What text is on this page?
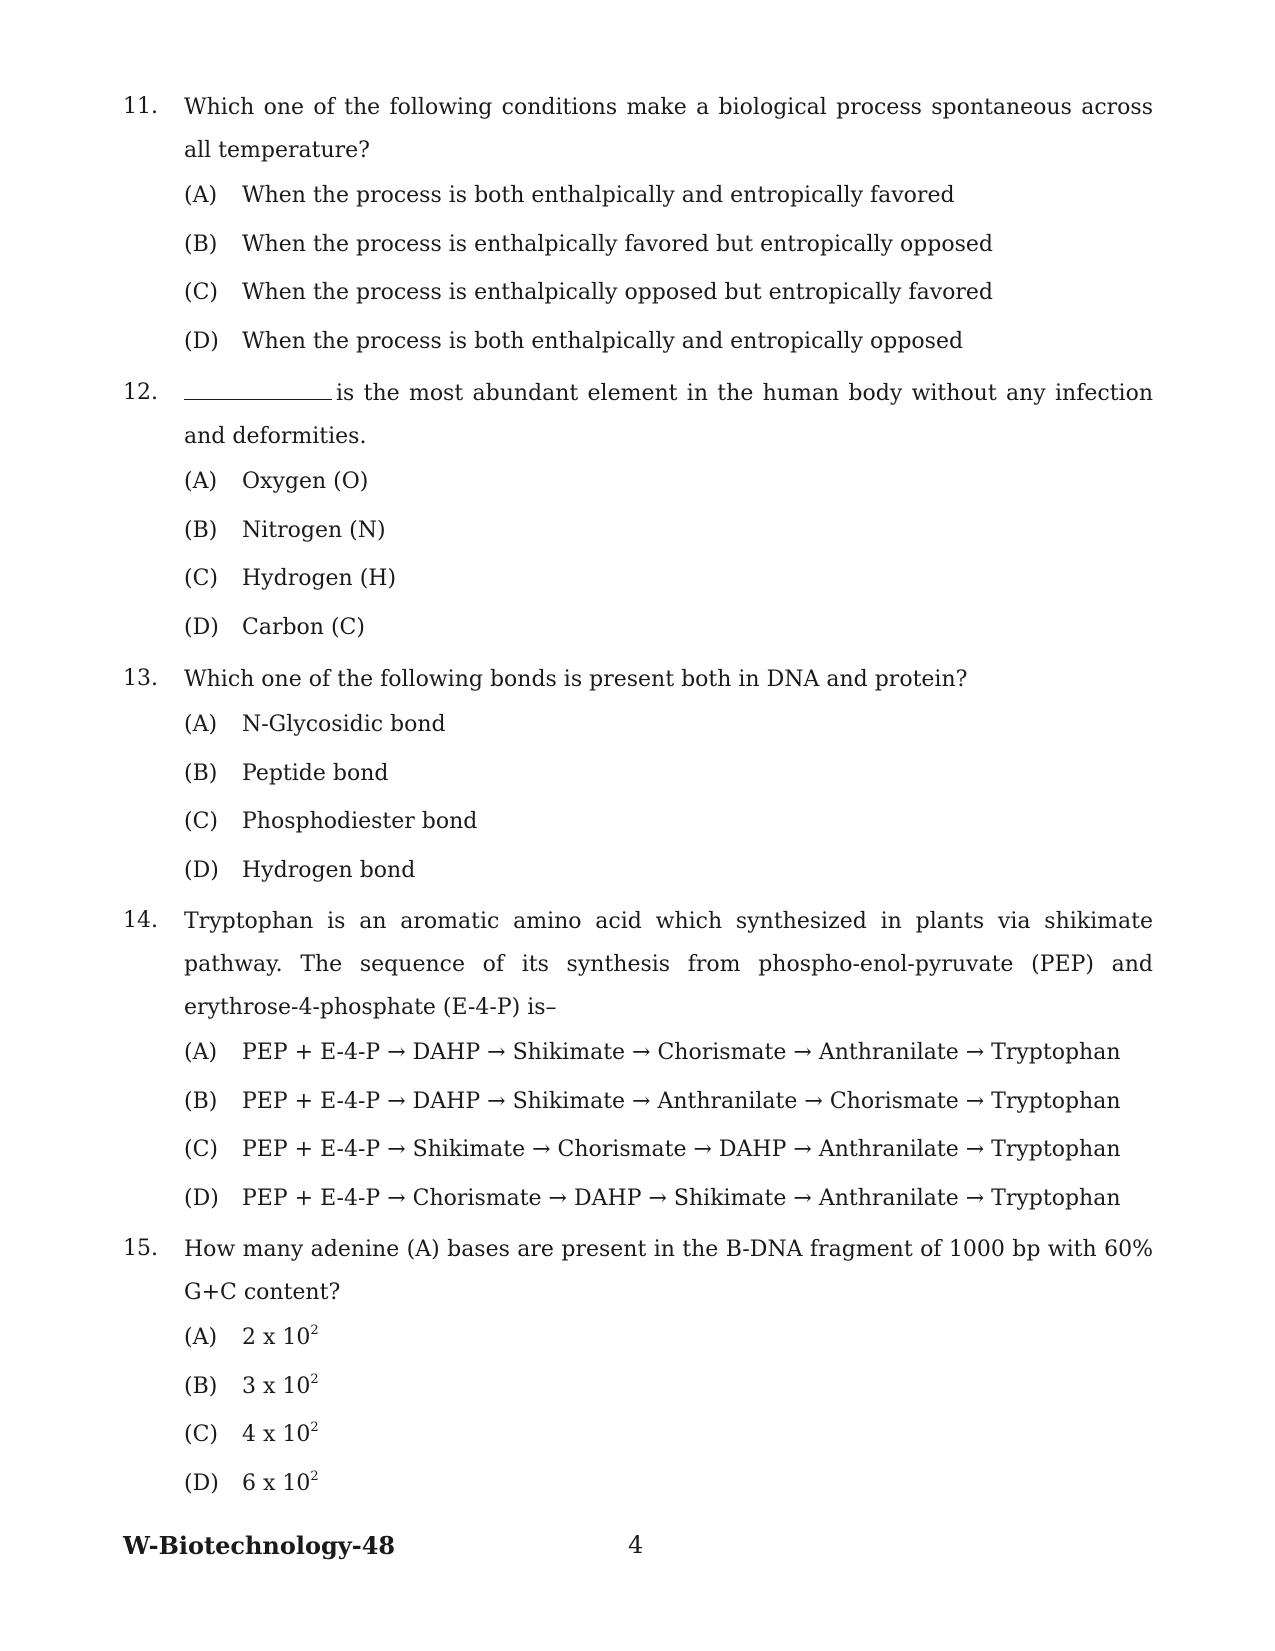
11. Which one of the following conditions make a biological process spontaneous across all temperature?
(A) When the process is both enthalpically and entropically favored
(B) When the process is enthalpically favored but entropically opposed
(C) When the process is enthalpically opposed but entropically favored
(D) When the process is both enthalpically and entropically opposed
12.	is the most abundant element in the human body without any infection and deformities.
(A) Oxygen (O)
(B) Nitrogen (N)
(C) Hydrogen (H)
(D) Carbon (C)
13. Which one of the following bonds is present both in DNA and protein?
(A) N-Glycosidic bond
(B) Peptide bond
(C) Phosphodiester bond
(D) Hydrogen bond
14. Tryptophan is an aromatic amino acid which synthesized in plants via shikimate pathway. The sequence of its synthesis from phospho-enol-pyruvate (PEP) and erythrose-4-phosphate (E-4-P) is–
(A) PEP + E-4-P → DAHP → Shikimate → Chorismate → Anthranilate → Tryptophan
(B) PEP + E-4-P → DAHP → Shikimate → Anthranilate → Chorismate → Tryptophan
(C) PEP + E-4-P → Shikimate → Chorismate → DAHP → Anthranilate → Tryptophan
(D) PEP + E-4-P → Chorismate → DAHP → Shikimate → Anthranilate → Tryptophan
15. How many adenine (A) bases are present in the B-DNA fragment of 1000 bp with 60% G+C content?
(A) 2 x $10^2$
(B) 3 x $10^2$
(C) 4 x $10^2$
(D) 6 x $10^2$
W-Biotechnology-48	4
